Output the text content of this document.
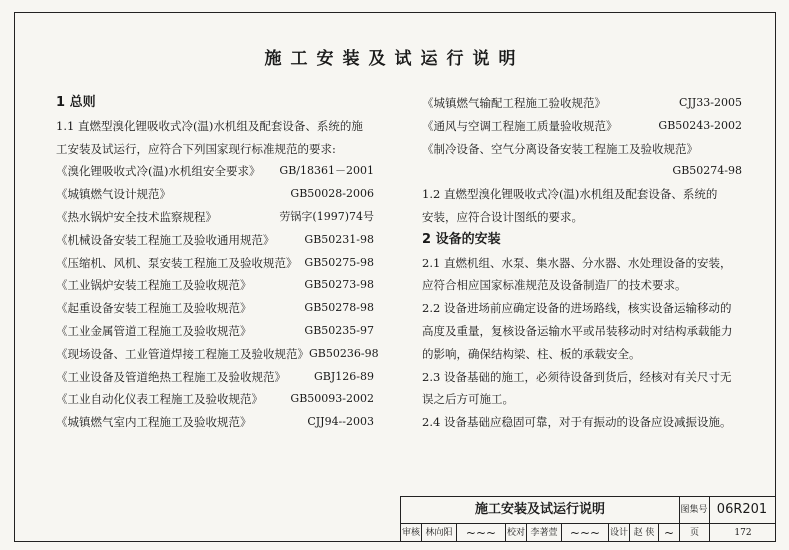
施工安装及试运行说明
1 总则
1.1 直燃型溴化锂吸收式冷(温)水机组及配套设备、系统的施
工安装及试运行，应符合下列国家现行标准规范的要求:
《溴化锂吸收式冷(温)水机组安全要求》 GB/18361－2001
《城镇燃气设计规范》	GB50028-2006
《热水锅炉安全技术监察规程》	劳锅字(1997)74号
《机械设备安装工程施工及验收通用规范》	GB50231-98
《压缩机、风机、泵安装工程施工及验收规范》 GB50275-98
《工业锅炉安装工程施工及验收规范》	GB50273-98
《起重设备安装工程施工及验收规范》	GB50278-98
《工业金属管道工程施工及验收规范》	GB50235-97
《现场设备、工业管道焊接工程施工及验收规范》 GB50236-98
《工业设备及管道绝热工程施工及验收规范》	GBJ126-89
《工业自动化仪表工程施工及验收规范》 GB50093-2002
《城镇燃气室内工程施工及验收规范》	CJJ94--2003
《城镇燃气输配工程施工验收规范》	CJJ33-2005
《通风与空调工程施工质量验收规范》	GB50243-2002
《制冷设备、空气分离设备安装工程施工及验收规范》
GB50274-98
1.2 直燃型溴化锂吸收式冷(温)水机组及配套设备、系统的
安装，应符合设计图纸的要求。
2 设备的安装
2.1 直燃机组、水泵、集水器、分水器、水处理设备的安装，
应符合相应国家标准规范及设备制造厂的技术要求。
2.2 设备进场前应确定设备的进场路线，核实设备运输移动的
高度及重量，复核设备运输水平或吊装移动时对结构承载能力
的影响，确保结构梁、柱、板的承载安全。
2.3 设备基础的施工，必须待设备到货后，经核对有关尺寸无
误之后方可施工。
2.4 设备基础应稳固可靠，对于有振动的设备应设减振设施。
施工安装及试运行说明	图集号 06R201
审核 林向阳	~~~	校对 李著萱	~~~	设计 赵 侠 ~	页	172
